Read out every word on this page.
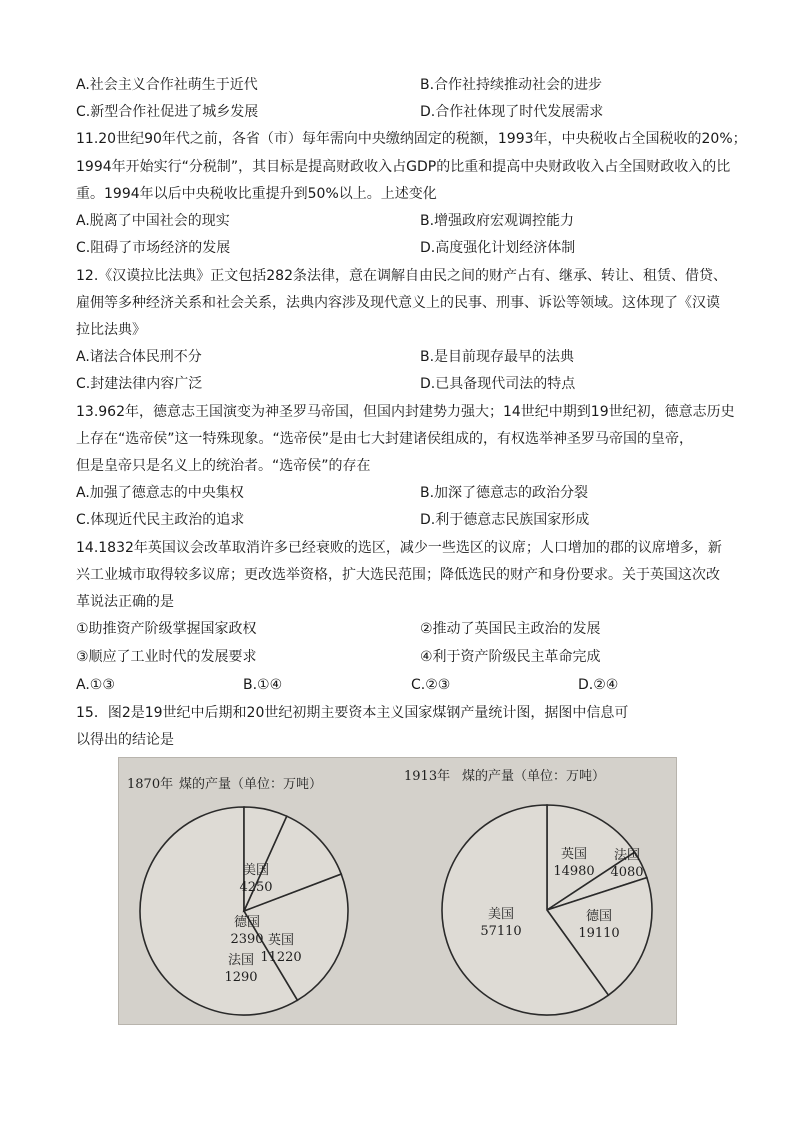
A.社会主义合作社萌生于近代	B.合作社持续推动社会的进步
C.新型合作社促进了城乡发展	D.合作社体现了时代发展需求
11.20世纪90年代之前，各省（市）每年需向中央缴纳固定的税额，1993年，中央税收占全国税收的20%；
1994年开始实行“分税制”，其目标是提高财政收入占GDP的比重和提高中央财政收入占全国财政收入的比
重。1994年以后中央税收比重提升到50%以上。上述变化
A.脱离了中国社会的现实	B.增强政府宏观调控能力
C.阻碍了市场经济的发展	D.高度强化计划经济体制
12.《汉谟拉比法典》正文包括282条法律，意在调解自由民之间的财产占有、继承、转让、租赁、借贷、
雇佣等多种经济关系和社会关系，法典内容涉及现代意义上的民事、刑事、诉讼等领域。这体现了《汉谟
拉比法典》
A.诸法合体民刑不分	B.是目前现存最早的法典
C.封建法律内容广泛	D.已具备现代司法的特点
13.962年，德意志王国演变为神圣罗马帝国，但国内封建势力强大；14世纪中期到19世纪初，德意志历史
上存在“选帝侯”这一特殊现象。“选帝侯”是由七大封建诸侯组成的，有权选举神圣罗马帝国的皇帝，
但是皇帝只是名义上的统治者。“选帝侯”的存在
A.加强了德意志的中央集权	B.加深了德意志的政治分裂
C.体现近代民主政治的追求	D.利于德意志民族国家形成
14.1832年英国议会改革取消许多已经衰败的选区，减少一些选区的议席；人口增加的郡的议席增多，新
兴工业城市取得较多议席；更改选举资格，扩大选民范围；降低选民的财产和身份要求。关于英国这次改
革说法正确的是
①助推资产阶级掌握国家政权	②推动了英国民主政治的发展
③顺应了工业时代的发展要求	④利于资产阶级民主革命完成
A.①③	B.①④	C.②③	D.②④
15．图2是19世纪中后期和20世纪初期主要资本主义国家煤钢产量统计图，据图中信息可
以得出的结论是
1870年 煤的产量（单位：万吨）
1913年 煤的产量（单位：万吨）
英国
11220
美国
4250
德国
2390
法国
1290
英国
14980
法国
4080
德国
19110
美国
57110
